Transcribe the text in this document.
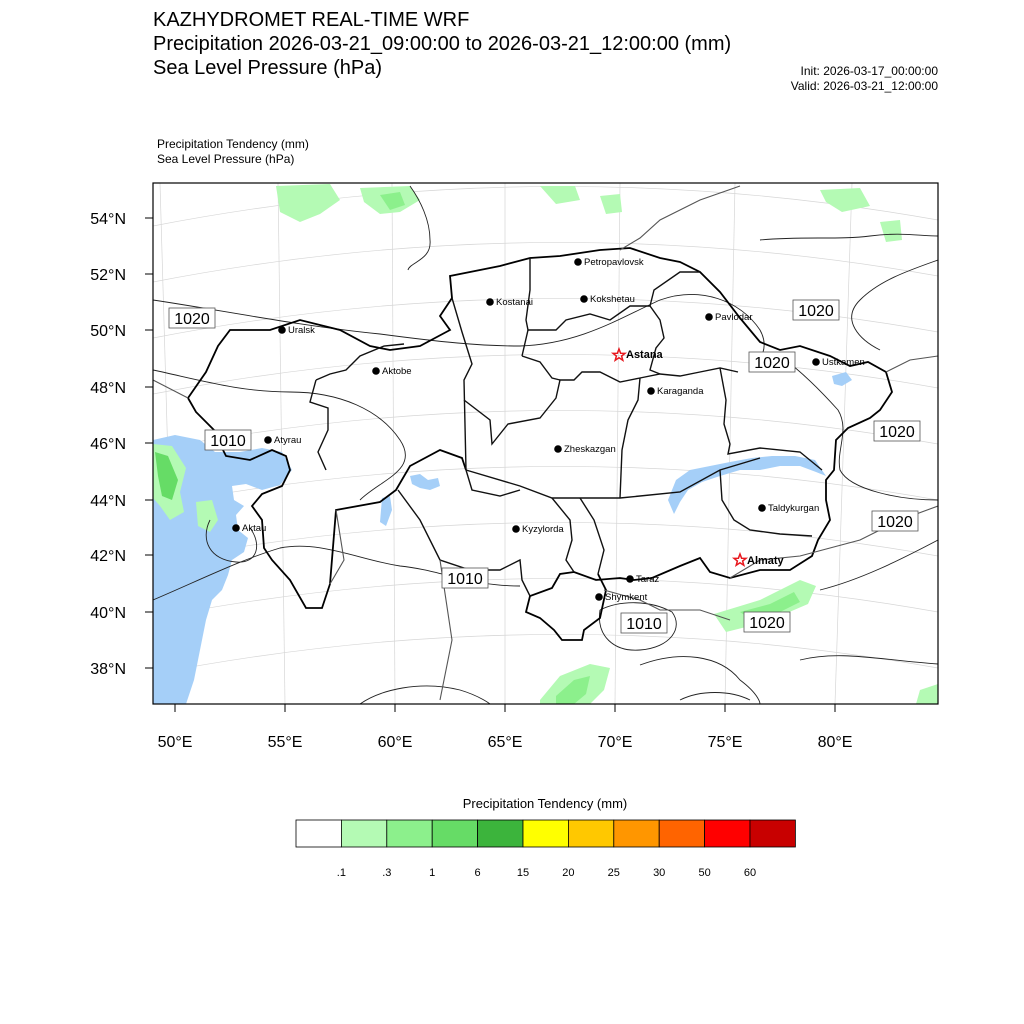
KAZHYDROMET REAL-TIME WRF
Precipitation 2026-03-21_09:00:00 to 2026-03-21_12:00:00 (mm)
Sea Level Pressure (hPa)	Init: 2026-03-17_00:00:00
Valid: 2026-03-21_12:00:00
Precipitation Tendency (mm)
Sea Level Pressure (hPa)
54°N
52°N
50°N
48°N
46°N
44°N
42°N
40°N
38°N
50°E	55°E	60°E	65°E	70°E	75°E	80°E
Petropavlovsk
Kostanai	Kokshetau
Pavlodar
Uralsk
Astana
Ustkamen
Aktobe
Karaganda
Atyrau
Zheskazgan
Taldykurgan
Aktau	Kyzylorda
Almaty
Taraz
Shymkent
1020	1020
1020
1020
1010
1020
1010
1010	1020
Precipitation Tendency (mm)
.1	.3	1	6	15	20	25	30	50	60
